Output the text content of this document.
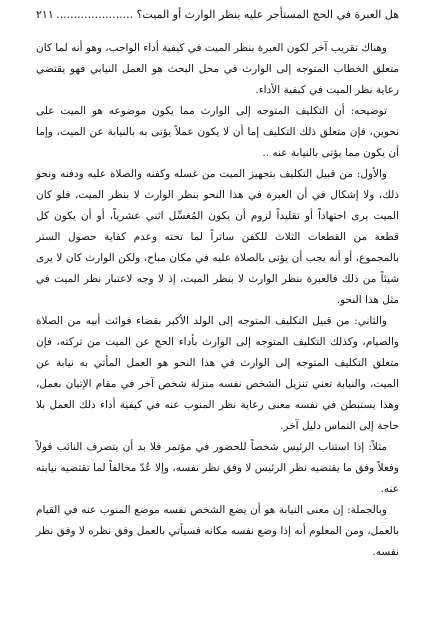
هل العبرة في الحج المستأجر عليه بنظر الوارث أو الميت؟ ......................
٢١١

وهناك تقريب آخر لكون العبرة بنظر الميت في كيفية أداء الواجب، وهو أنه لما كان متعلق الخطاب المتوجه إلى الوارث في محل البحث هو العمل النيابي فهو يقتضي رعاية نظر الميت في كيفية الأداء.

توضيحه: أن التكليف المتوجه إلى الوارث مما يكون موضوعه هو الميت على نحوين، فإن متعلق ذلك التكليف إما أن لا يكون عملاً يؤتى به بالنيابة عن الميت، وإما أن يكون مما يؤتى بالنيابة عنه ..

والأول: من قبيل التكليف بتجهيز الميت من غسله وكفنه والصلاة عليه ودفنه ونحو ذلك، ولا إشكال في أن العبرة في هذا النحو بنظر الوارث لا بنظر الميت، فلو كان الميت يرى اجتهاداً أو تقليداً لزوم أن يكون المُغسِّل اثني عشرياً، أو أن يكون كل قطعة من القطعات الثلاث للكفن ساتراً لما تحته وعدم كفاية حصول الستر بالمجموع، أو أنه يجب أن يؤتى بالصلاة عليه في مكان مباح، ولكن الوارث كان لا يرى شيئاً من ذلك فالعبرة بنظر الوارث لا بنظر الميت، إذ لا وجه لاعتبار نظر الميت في مثل هذا النحو.

والثاني: من قبيل التكليف المتوجه إلى الولد الأكبر بقضاء فوائت أبيه من الصلاة والصيام، وكذلك التكليف المتوجه إلى الوارث بأداء الحج عن الميت من تركته، فإن متعلق التكليف المتوجه إلى الوارث في هذا النحو هو العمل المأتي به نيابة عن الميت، والنيابة تعني تنزيل الشخص نفسه منزلة شخص آخر في مقام الإتيان بعمل، وهذا يستبطن في نفسه معنى رعاية نظر المنوب عنه في كيفية أداء ذلك العمل بلا حاجة إلى التماس دليل آخر.

مثلاً: إذا استناب الرئيس شخصاً للحضور في مؤتمر فلا بد أن يتصرف النائب قولاً وفعلاً وفق ما يقتضيه نظر الرئيس لا وفق نظر نفسه، وإلا عُدّ مخالفاً لما تقتضيه نيابته عنه.

وبالجملة: إن معنى النيابة هو أن يضع الشخص نفسه موضع المنوب عنه في القيام بالعمل، ومن المعلوم أنه إذا وضع نفسه مكانه فسيأتي بالعمل وفق نظره لا وفق نظر نفسه.
